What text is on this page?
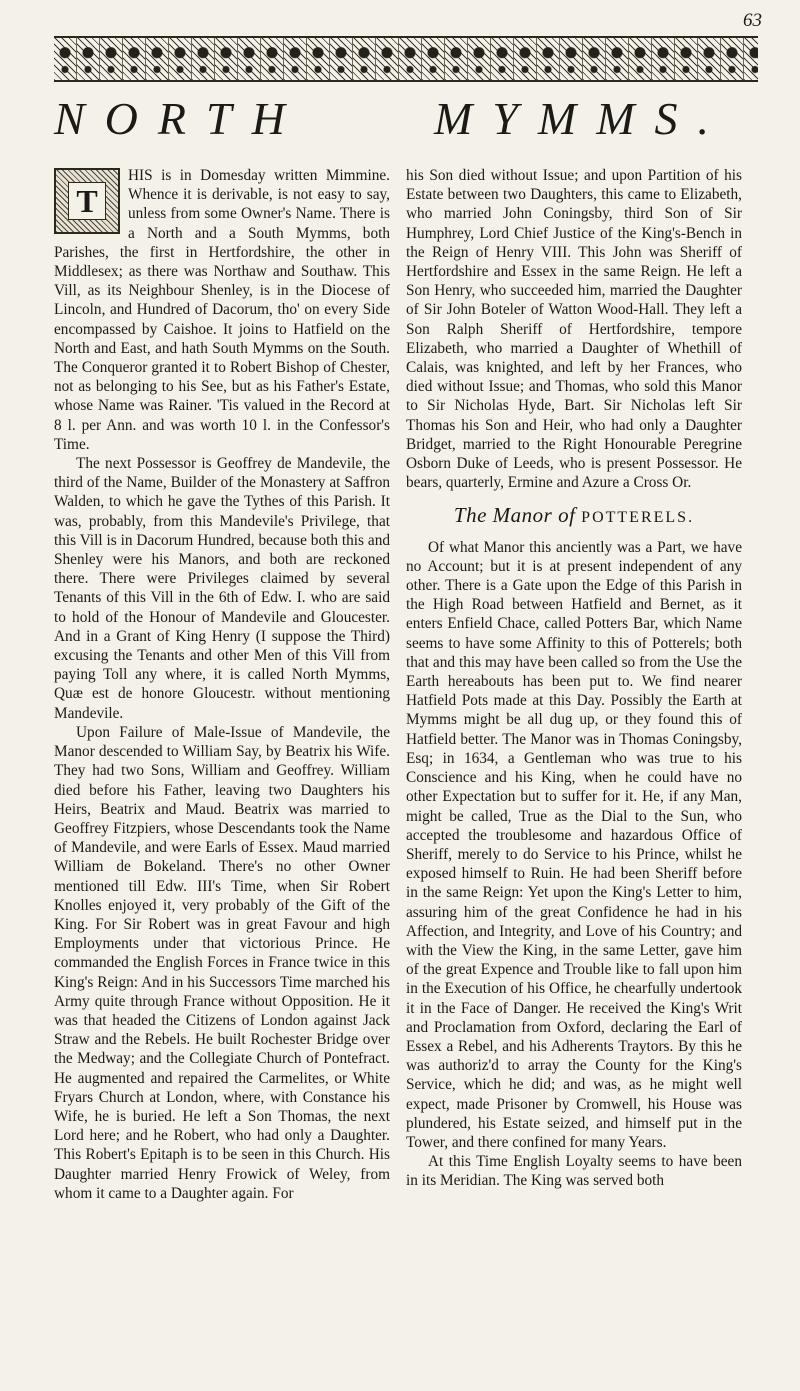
63
NORTH	MYMMS.
T

HIS is in Domesday written Mimmine. Whence it is derivable, is not easy to say, unless from some Owner's Name. There is a North and a South Mymms, both Parishes, the first in Hertfordshire, the other in Middlesex; as there was Northaw and Southaw. This Vill, as its Neighbour Shenley, is in the Diocese of Lincoln, and Hundred of Dacorum, tho' on every Side encompassed by Caishoe. It joins to Hatfield on the North and East, and hath South Mymms on the South. The Conqueror granted it to Robert Bishop of Chester, not as belonging to his See, but as his Father's Estate, whose Name was Rainer. 'Tis valued in the Record at 8 l. per Ann. and was worth 10 l. in the Confessor's Time.

The next Possessor is Geoffrey de Mandevile, the third of the Name, Builder of the Monastery at Saffron Walden, to which he gave the Tythes of this Parish. It was, probably, from this Mandevile's Privilege, that this Vill is in Dacorum Hundred, because both this and Shenley were his Manors, and both are reckoned there. There were Privileges claimed by several Tenants of this Vill in the 6th of Edw. I. who are said to hold of the Honour of Mandevile and Gloucester. And in a Grant of King Henry (I suppose the Third) excusing the Tenants and other Men of this Vill from paying Toll any where, it is called North Mymms, Quæ est de honore Gloucestr. without mentioning Mandevile.

Upon Failure of Male-Issue of Mandevile, the Manor descended to William Say, by Beatrix his Wife. They had two Sons, William and Geoffrey. William died before his Father, leaving two Daughters his Heirs, Beatrix and Maud. Beatrix was married to Geoffrey Fitzpiers, whose Descendants took the Name of Mandevile, and were Earls of Essex. Maud married William de Bokeland. There's no other Owner mentioned till Edw. III's Time, when Sir Robert Knolles enjoyed it, very probably of the Gift of the King. For Sir Robert was in great Favour and high Employments under that victorious Prince. He commanded the English Forces in France twice in this King's Reign: And in his Successors Time marched his Army quite through France without Opposition. He it was that headed the Citizens of London against Jack Straw and the Rebels. He built Rochester Bridge over the Medway; and the Collegiate Church of Pontefract. He augmented and repaired the Carmelites, or White Fryars Church at London, where, with Constance his Wife, he is buried. He left a Son Thomas, the next Lord here; and he Robert, who had only a Daughter. This Robert's Epitaph is to be seen in this Church. His Daughter married Henry Frowick of Weley, from whom it came to a Daughter again. For

his Son died without Issue; and upon Partition of his Estate between two Daughters, this came to Elizabeth, who married John Coningsby, third Son of Sir Humphrey, Lord Chief Justice of the King's-Bench in the Reign of Henry VIII. This John was Sheriff of Hertfordshire and Essex in the same Reign. He left a Son Henry, who succeeded him, married the Daughter of Sir John Boteler of Watton Wood-Hall. They left a Son Ralph Sheriff of Hertfordshire, tempore Elizabeth, who married a Daughter of Whethill of Calais, was knighted, and left by her Frances, who died without Issue; and Thomas, who sold this Manor to Sir Nicholas Hyde, Bart. Sir Nicholas left Sir Thomas his Son and Heir, who had only a Daughter Bridget, married to the Right Honourable Peregrine Osborn Duke of Leeds, who is present Possessor. He bears, quarterly, Ermine and Azure a Cross Or.

The Manor of POTTERELS.

Of what Manor this anciently was a Part, we have no Account; but it is at present independent of any other. There is a Gate upon the Edge of this Parish in the High Road between Hatfield and Bernet, as it enters Enfield Chace, called Potters Bar, which Name seems to have some Affinity to this of Potterels; both that and this may have been called so from the Use the Earth hereabouts has been put to. We find nearer Hatfield Pots made at this Day. Possibly the Earth at Mymms might be all dug up, or they found this of Hatfield better. The Manor was in Thomas Coningsby, Esq; in 1634, a Gentleman who was true to his Conscience and his King, when he could have no other Expectation but to suffer for it. He, if any Man, might be called, True as the Dial to the Sun, who accepted the troublesome and hazardous Office of Sheriff, merely to do Service to his Prince, whilst he exposed himself to Ruin. He had been Sheriff before in the same Reign: Yet upon the King's Letter to him, assuring him of the great Confidence he had in his Affection, and Integrity, and Love of his Country; and with the View the King, in the same Letter, gave him of the great Expence and Trouble like to fall upon him in the Execution of his Office, he chearfully undertook it in the Face of Danger. He received the King's Writ and Proclamation from Oxford, declaring the Earl of Essex a Rebel, and his Adherents Traytors. By this he was authoriz'd to array the County for the King's Service, which he did; and was, as he might well expect, made Prisoner by Cromwell, his House was plundered, his Estate seized, and himself put in the Tower, and there confined for many Years.

At this Time English Loyalty seems to have been in its Meridian. The King was served both
